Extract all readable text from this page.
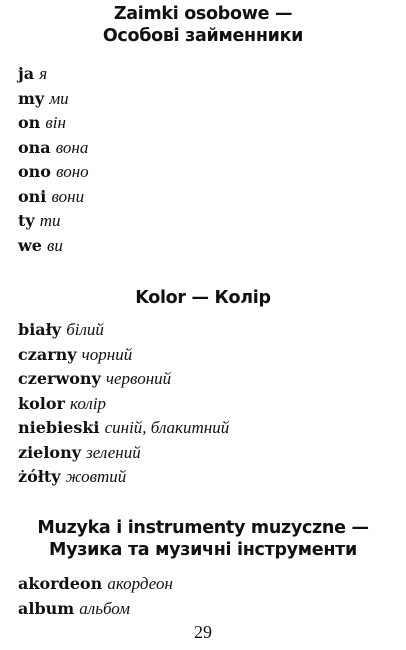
Zaimki osobowe —

Особові займенники

ja я
my ми
on він
ona вона
ono воно
oni вони
ty ти
we ви

Kolor — Колір

biały білий
czarny чорний
czerwony червоний
kolor колір
niebieski синій, блакитний
zielony зелений
żółty жовтий

Muzyka i instrumenty muzyczne —

Музика та музичні інструменти

akordeon акордеон
album альбом
29
